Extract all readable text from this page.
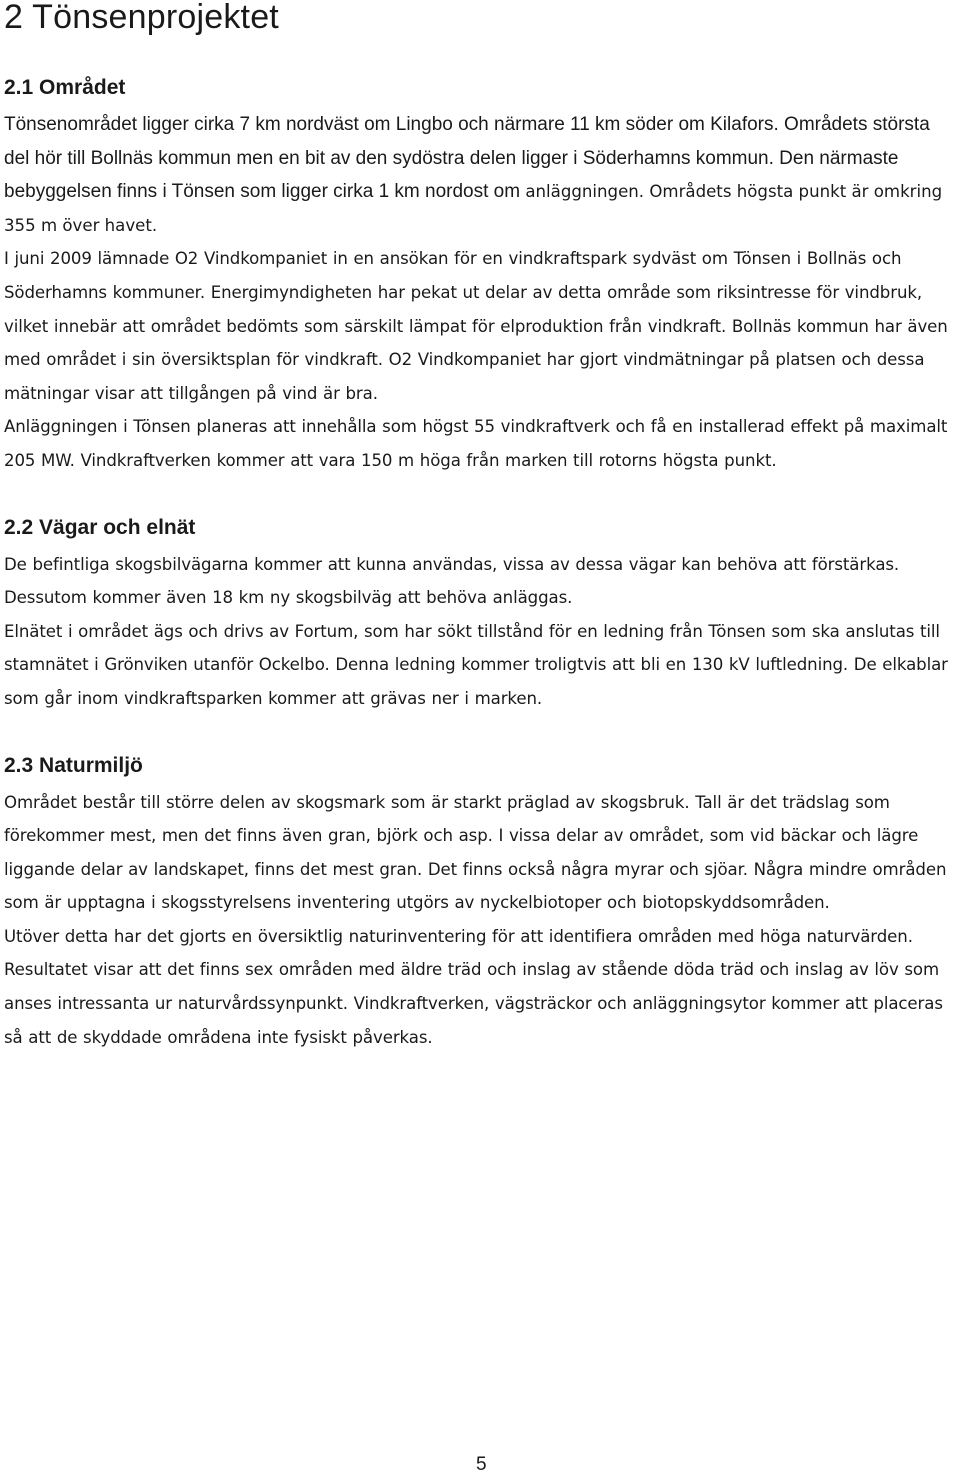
2 Tönsenprojektet
2.1 Området

Tönsenområdet ligger cirka 7 km nordväst om Lingbo och närmare 11 km söder om Kilafors. Områdets största del hör till Bollnäs kommun men en bit av den sydöstra delen ligger i Söderhamns kommun. Den närmaste bebyggelsen finns i Tönsen som ligger cirka 1 km nordost om anläggningen. Områdets högsta punkt är omkring 355 m över havet.

I juni 2009 lämnade O2 Vindkompaniet in en ansökan för en vindkraftspark sydväst om Tönsen i Bollnäs och Söderhamns kommuner. Energimyndigheten har pekat ut delar av detta område som riksintresse för vindbruk, vilket innebär att området bedömts som särskilt lämpat för elproduktion från vindkraft. Bollnäs kommun har även med området i sin översiktsplan för vindkraft. O2 Vindkompaniet har gjort vindmätningar på platsen och dessa mätningar visar att tillgången på vind är bra.

Anläggningen i Tönsen planeras att innehålla som högst 55 vindkraftverk och få en installerad effekt på maximalt 205 MW. Vindkraftverken kommer att vara 150 m höga från marken till rotorns högsta punkt.

2.2 Vägar och elnät

De befintliga skogsbilvägarna kommer att kunna användas, vissa av dessa vägar kan behöva att förstärkas. Dessutom kommer även 18 km ny skogsbilväg att behöva anläggas.

Elnätet i området ägs och drivs av Fortum, som har sökt tillstånd för en ledning från Tönsen som ska anslutas till stamnätet i Grönviken utanför Ockelbo. Denna ledning kommer troligtvis att bli en 130 kV luftledning. De elkablar som går inom vindkraftsparken kommer att grävas ner i marken.

2.3 Naturmiljö

Området består till större delen av skogsmark som är starkt präglad av skogsbruk. Tall är det trädslag som förekommer mest, men det finns även gran, björk och asp. I vissa delar av området, som vid bäckar och lägre liggande delar av landskapet, finns det mest gran. Det finns också några myrar och sjöar. Några mindre områden som är upptagna i skogsstyrelsens inventering utgörs av nyckelbiotoper och biotopskyddsområden.

Utöver detta har det gjorts en översiktlig naturinventering för att identifiera områden med höga naturvärden. Resultatet visar att det finns sex områden med äldre träd och inslag av stående döda träd och inslag av löv som anses intressanta ur naturvårdssynpunkt. Vindkraftverken, vägsträckor och anläggningsytor kommer att placeras så att de skyddade områdena inte fysiskt påverkas.

5
